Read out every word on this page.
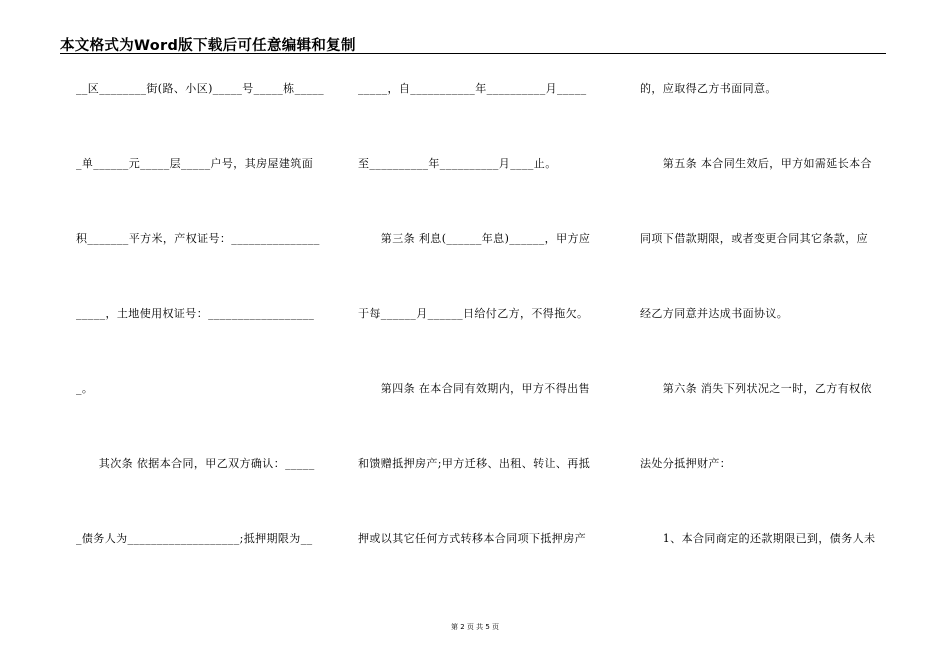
本文格式为Word版下载后可任意编辑和复制
__区________街(路、小区)_____号_____栋_____
_单______元_____层_____户号，其房屋建筑面
积_______平方米，产权证号：_______________
_____，土地使用权证号：__________________
_。
　　其次条 依据本合同，甲乙双方确认：_____
_债务人为___________________;抵押期限为__
_____，自___________年__________月_____
至__________年__________月____止。
　　第三条 利息(______年息)______，甲方应
于每______月______日给付乙方，不得拖欠。
　　第四条 在本合同有效期内，甲方不得出售
和馈赠抵押房产;甲方迁移、出租、转让、再抵
押或以其它任何方式转移本合同项下抵押房产
的，应取得乙方书面同意。
　　第五条 本合同生效后，甲方如需延长本合
同项下借款期限，或者变更合同其它条款，应
经乙方同意并达成书面协议。
　　第六条 消失下列状况之一时，乙方有权依
法处分抵押财产：
　　1、本合同商定的还款期限已到，债务人未
第 2 页 共 5 页
